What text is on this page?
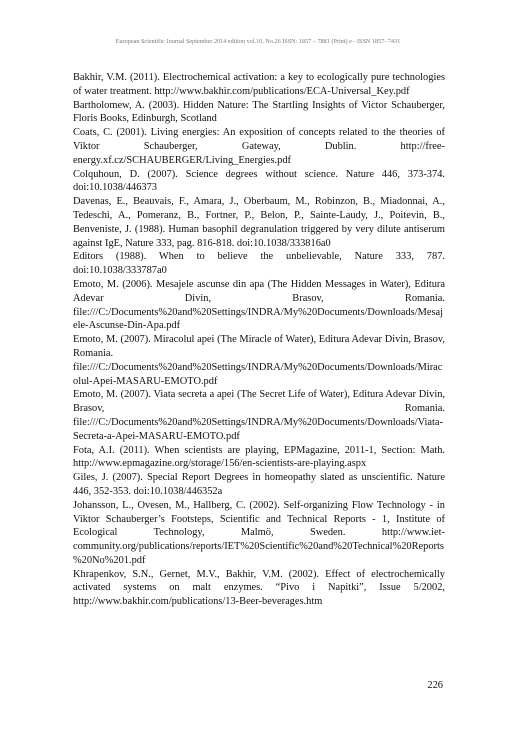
European Scientific Journal September 2014 edition vol.10, No.26 ISSN: 1857 – 7881 (Print) e - ISSN 1857- 7431
Bakhir, V.M. (2011). Electrochemical activation: a key to ecologically pure technologies of water treatment. http://www.bakhir.com/publications/ECA-Universal_Key.pdf
Bartholomew, A. (2003). Hidden Nature: The Startling Insights of Victor Schauberger, Floris Books, Edinburgh, Scotland
Coats, C. (2001). Living energies: An exposition of concepts related to the theories of Viktor Schauberger, Gateway, Dublin. http://free-energy.xf.cz/SCHAUBERGER/Living_Energies.pdf
Colquhoun, D. (2007). Science degrees without science. Nature 446, 373-374. doi:10.1038/446373
Davenas, E., Beauvais, F., Amara, J., Oberbaum, M., Robinzon, B., Miadonnai, A., Tedeschi, A., Pomeranz, B., Fortner, P., Belon, P., Sainte-Laudy, J., Poitevin, B., Benveniste, J. (1988). Human basophil degranulation triggered by very dilute antiserum against IgE, Nature 333, pag. 816-818. doi:10.1038/333816a0
Editors (1988). When to believe the unbelievable, Nature 333, 787. doi:10.1038/333787a0
Emoto, M. (2006). Mesajele ascunse din apa (The Hidden Messages in Water), Editura Adevar Divin, Brasov, Romania. file:///C:/Documents%20and%20Settings/INDRA/My%20Documents/Downloads/Mesajele-Ascunse-Din-Apa.pdf
Emoto, M. (2007). Miracolul apei (The Miracle of Water), Editura Adevar Divin, Brasov, Romania. file:///C:/Documents%20and%20Settings/INDRA/My%20Documents/Downloads/Miracolul-Apei-MASARU-EMOTO.pdf
Emoto, M. (2007). Viata secreta a apei (The Secret Life of Water), Editura Adevar Divin, Brasov, Romania. file:///C:/Documents%20and%20Settings/INDRA/My%20Documents/Downloads/Viata-Secreta-a-Apei-MASARU-EMOTO.pdf
Fota, A.I. (2011). When scientists are playing, EPMagazine, 2011-1, Section: Math. http://www.epmagazine.org/storage/156/en-scientists-are-playing.aspx
Giles, J. (2007). Special Report Degrees in homeopathy slated as unscientific. Nature 446, 352-353. doi:10.1038/446352a
Johansson, L., Ovesen, M., Hallberg, C. (2002). Self-organizing Flow Technology - in Viktor Schauberger’s Footsteps, Scientific and Technical Reports - 1, Institute of Ecological Technology, Malmö, Sweden. http://www.iet-community.org/publications/reports/IET%20Scientific%20and%20Technical%20Reports%20No%201.pdf
Khrapenkov, S.N., Gernet, M.V., Bakhir, V.M. (2002). Effect of electrochemically activated systems on malt enzymes. “Pivo i Napitki”, Issue 5/2002, http://www.bakhir.com/publications/13-Beer-beverages.htm
226
